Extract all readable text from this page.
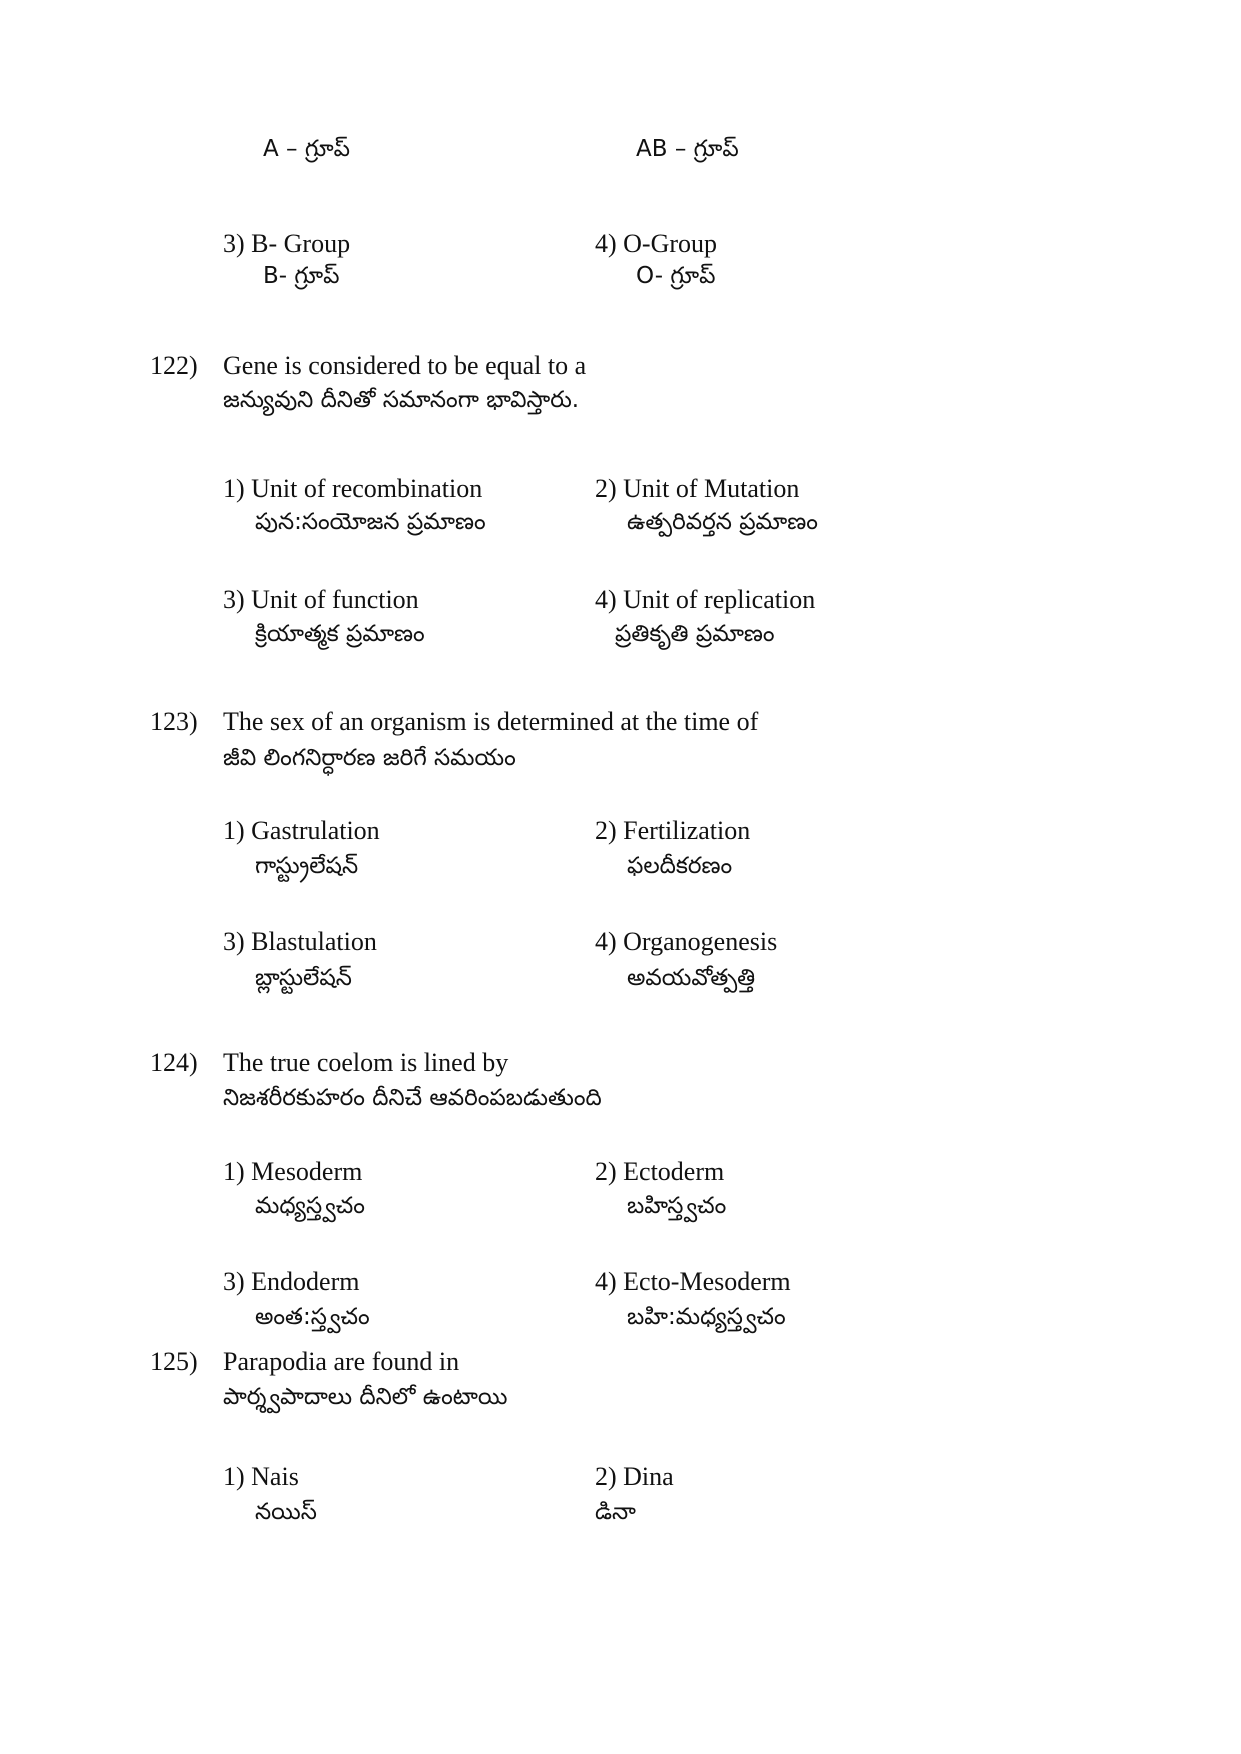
A – గ్రూప్	AB – గ్రూప్
3) B- Group
B- గ్రూప్
4) O-Group
O- గ్రూప్
122) Gene is considered to be equal to a
జన్యువుని దీనితో సమానంగా భావిస్తారు.
1) Unit of recombination
పున:సంయోజన ప్రమాణం
2) Unit of Mutation
ఉత్పరివర్తన ప్రమాణం
3) Unit of function
క్రియాత్మక ప్రమాణం
4) Unit of replication
ప్రతికృతి ప్రమాణం
123) The sex of an organism is determined at the time of
జీవి లింగనిర్ధారణ జరిగే సమయం
1) Gastrulation
గాస్ట్రులేషన్
2) Fertilization
ఫలదీకరణం
3) Blastulation
బ్లాస్టులేషన్
4) Organogenesis
అవయవోత్పత్తి
124) The true coelom is lined by
నిజశరీరకుహరం దీనిచే ఆవరింపబడుతుంది
1) Mesoderm
మధ్యస్త్వచం
2) Ectoderm
బహిస్త్వచం
3) Endoderm
అంత:స్త్వచం
4) Ecto-Mesoderm
బహి:మధ్యస్త్వచం
125) Parapodia are found in
పార్శ్వపాదాలు దీనిలో ఉంటాయి
1) Nais
నయిస్
2) Dina
డినా
